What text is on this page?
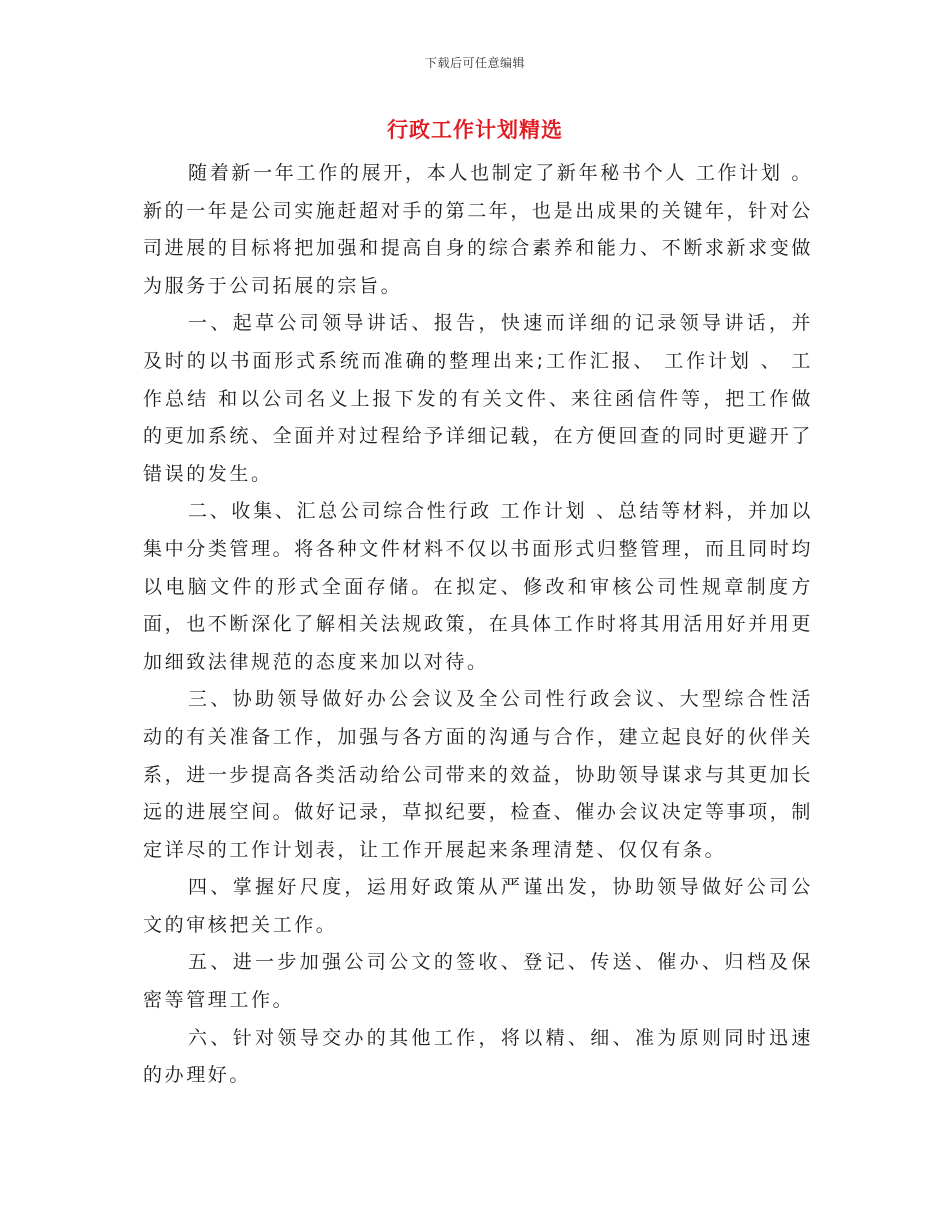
下载后可任意编辑
行政工作计划精选

随着新一年工作的展开，本人也制定了新年秘书个人 工作计划 。新的一年是公司实施赶超对手的第二年，也是出成果的关键年，针对公司进展的目标将把加强和提高自身的综合素养和能力、不断求新求变做为服务于公司拓展的宗旨。

一、起草公司领导讲话、报告，快速而详细的记录领导讲话，并及时的以书面形式系统而准确的整理出来;工作汇报、 工作计划 、 工作总结 和以公司名义上报下发的有关文件、来往函信件等，把工作做的更加系统、全面并对过程给予详细记载，在方便回查的同时更避开了错误的发生。

二、收集、汇总公司综合性行政 工作计划 、总结等材料，并加以集中分类管理。将各种文件材料不仅以书面形式归整管理，而且同时均以电脑文件的形式全面存储。在拟定、修改和审核公司性规章制度方面，也不断深化了解相关法规政策，在具体工作时将其用活用好并用更加细致法律规范的态度来加以对待。

三、协助领导做好办公会议及全公司性行政会议、大型综合性活动的有关准备工作，加强与各方面的沟通与合作，建立起良好的伙伴关系，进一步提高各类活动给公司带来的效益，协助领导谋求与其更加长远的进展空间。做好记录，草拟纪要，检查、催办会议决定等事项，制定详尽的工作计划表，让工作开展起来条理清楚、仅仅有条。

四、掌握好尺度，运用好政策从严谨出发，协助领导做好公司公文的审核把关工作。

五、进一步加强公司公文的签收、登记、传送、催办、归档及保密等管理工作。

六、针对领导交办的其他工作，将以精、细、准为原则同时迅速的办理好。
